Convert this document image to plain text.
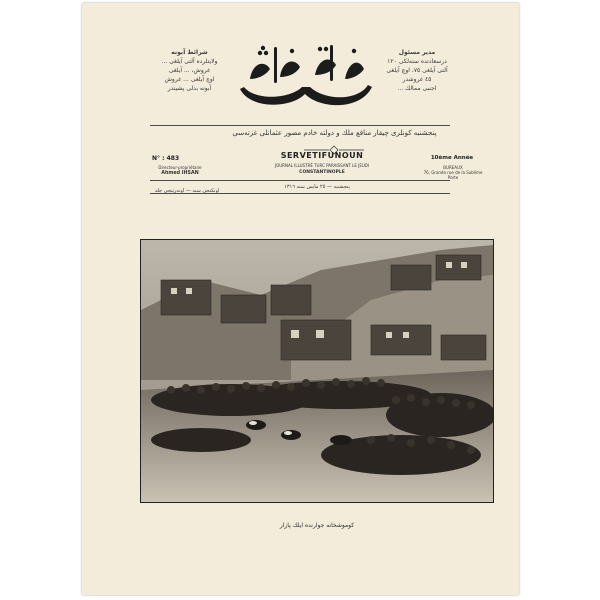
شرائط آبونه
ولايتلرده آلتى آيلغى ...
غروش، ... آيلغى
اوچ آيلغى ... غروش
آبونه بدلى پشيندر
مدير مسئول
درسعادتده سنه‌لكى ١٢٠
آلتى آيلغى ٧٥، اوچ آيلغى
٤٥ غروشدر
اجنبى ممالك ...
پنجشنبه كونلرى چيقار منافع ملك و دولته خادم مصور عثمانلى غزته‌سى
N° : 483
Directeur-propriétaire
Ahmed IHSAN
SERVETIFUNOUN
JOURNAL ILLUSTRÉ TURC PARAISSANT LE JEUDI
CONSTANTINOPLE
10ème Année
BUREAUX
76, Grande rue de la Sublime Porte
پنجشنبه — ٢٥ مايس سنه ١٣١٦
اونكنجى سنه — اوندرتنجى جلد
كوموشخانه جوارنده ايلك پازار
